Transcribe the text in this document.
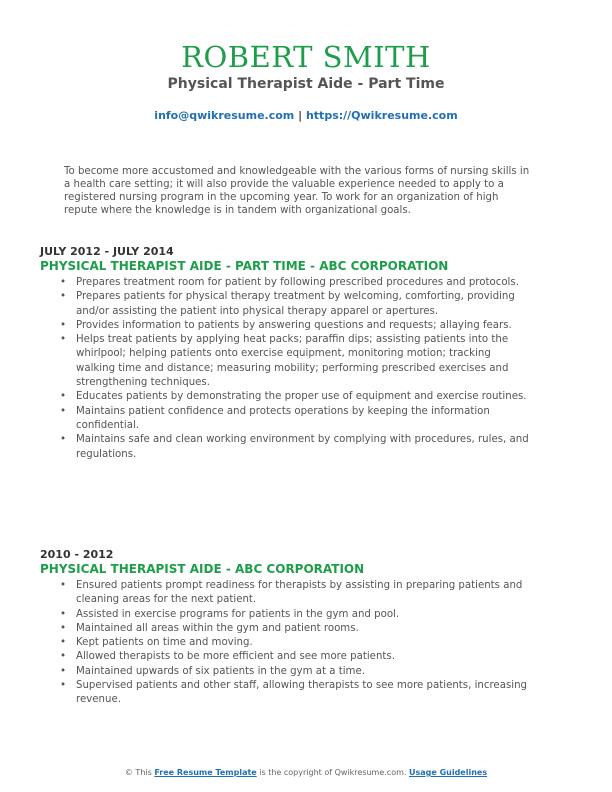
ROBERT SMITH
Physical Therapist Aide - Part Time
info@qwikresume.com | https://Qwikresume.com
To become more accustomed and knowledgeable with the various forms of nursing skills in a health care setting; it will also provide the valuable experience needed to apply to a registered nursing program in the upcoming year. To work for an organization of high repute where the knowledge is in tandem with organizational goals.
JULY 2012 - JULY 2014
PHYSICAL THERAPIST AIDE - PART TIME - ABC CORPORATION
• Prepares treatment room for patient by following prescribed procedures and protocols.
• Prepares patients for physical therapy treatment by welcoming, comforting, providing and/or assisting the patient into physical therapy apparel or apertures.
• Provides information to patients by answering questions and requests; allaying fears.
• Helps treat patients by applying heat packs; paraffin dips; assisting patients into the whirlpool; helping patients onto exercise equipment, monitoring motion; tracking walking time and distance; measuring mobility; performing prescribed exercises and strengthening techniques.
• Educates patients by demonstrating the proper use of equipment and exercise routines.
• Maintains patient confidence and protects operations by keeping the information confidential.
• Maintains safe and clean working environment by complying with procedures, rules, and regulations.
2010 - 2012
PHYSICAL THERAPIST AIDE - ABC CORPORATION
• Ensured patients prompt readiness for therapists by assisting in preparing patients and cleaning areas for the next patient.
• Assisted in exercise programs for patients in the gym and pool.
• Maintained all areas within the gym and patient rooms.
• Kept patients on time and moving.
• Allowed therapists to be more efficient and see more patients.
• Maintained upwards of six patients in the gym at a time.
• Supervised patients and other staff, allowing therapists to see more patients, increasing revenue.
© This Free Resume Template is the copyright of Qwikresume.com. Usage Guidelines
